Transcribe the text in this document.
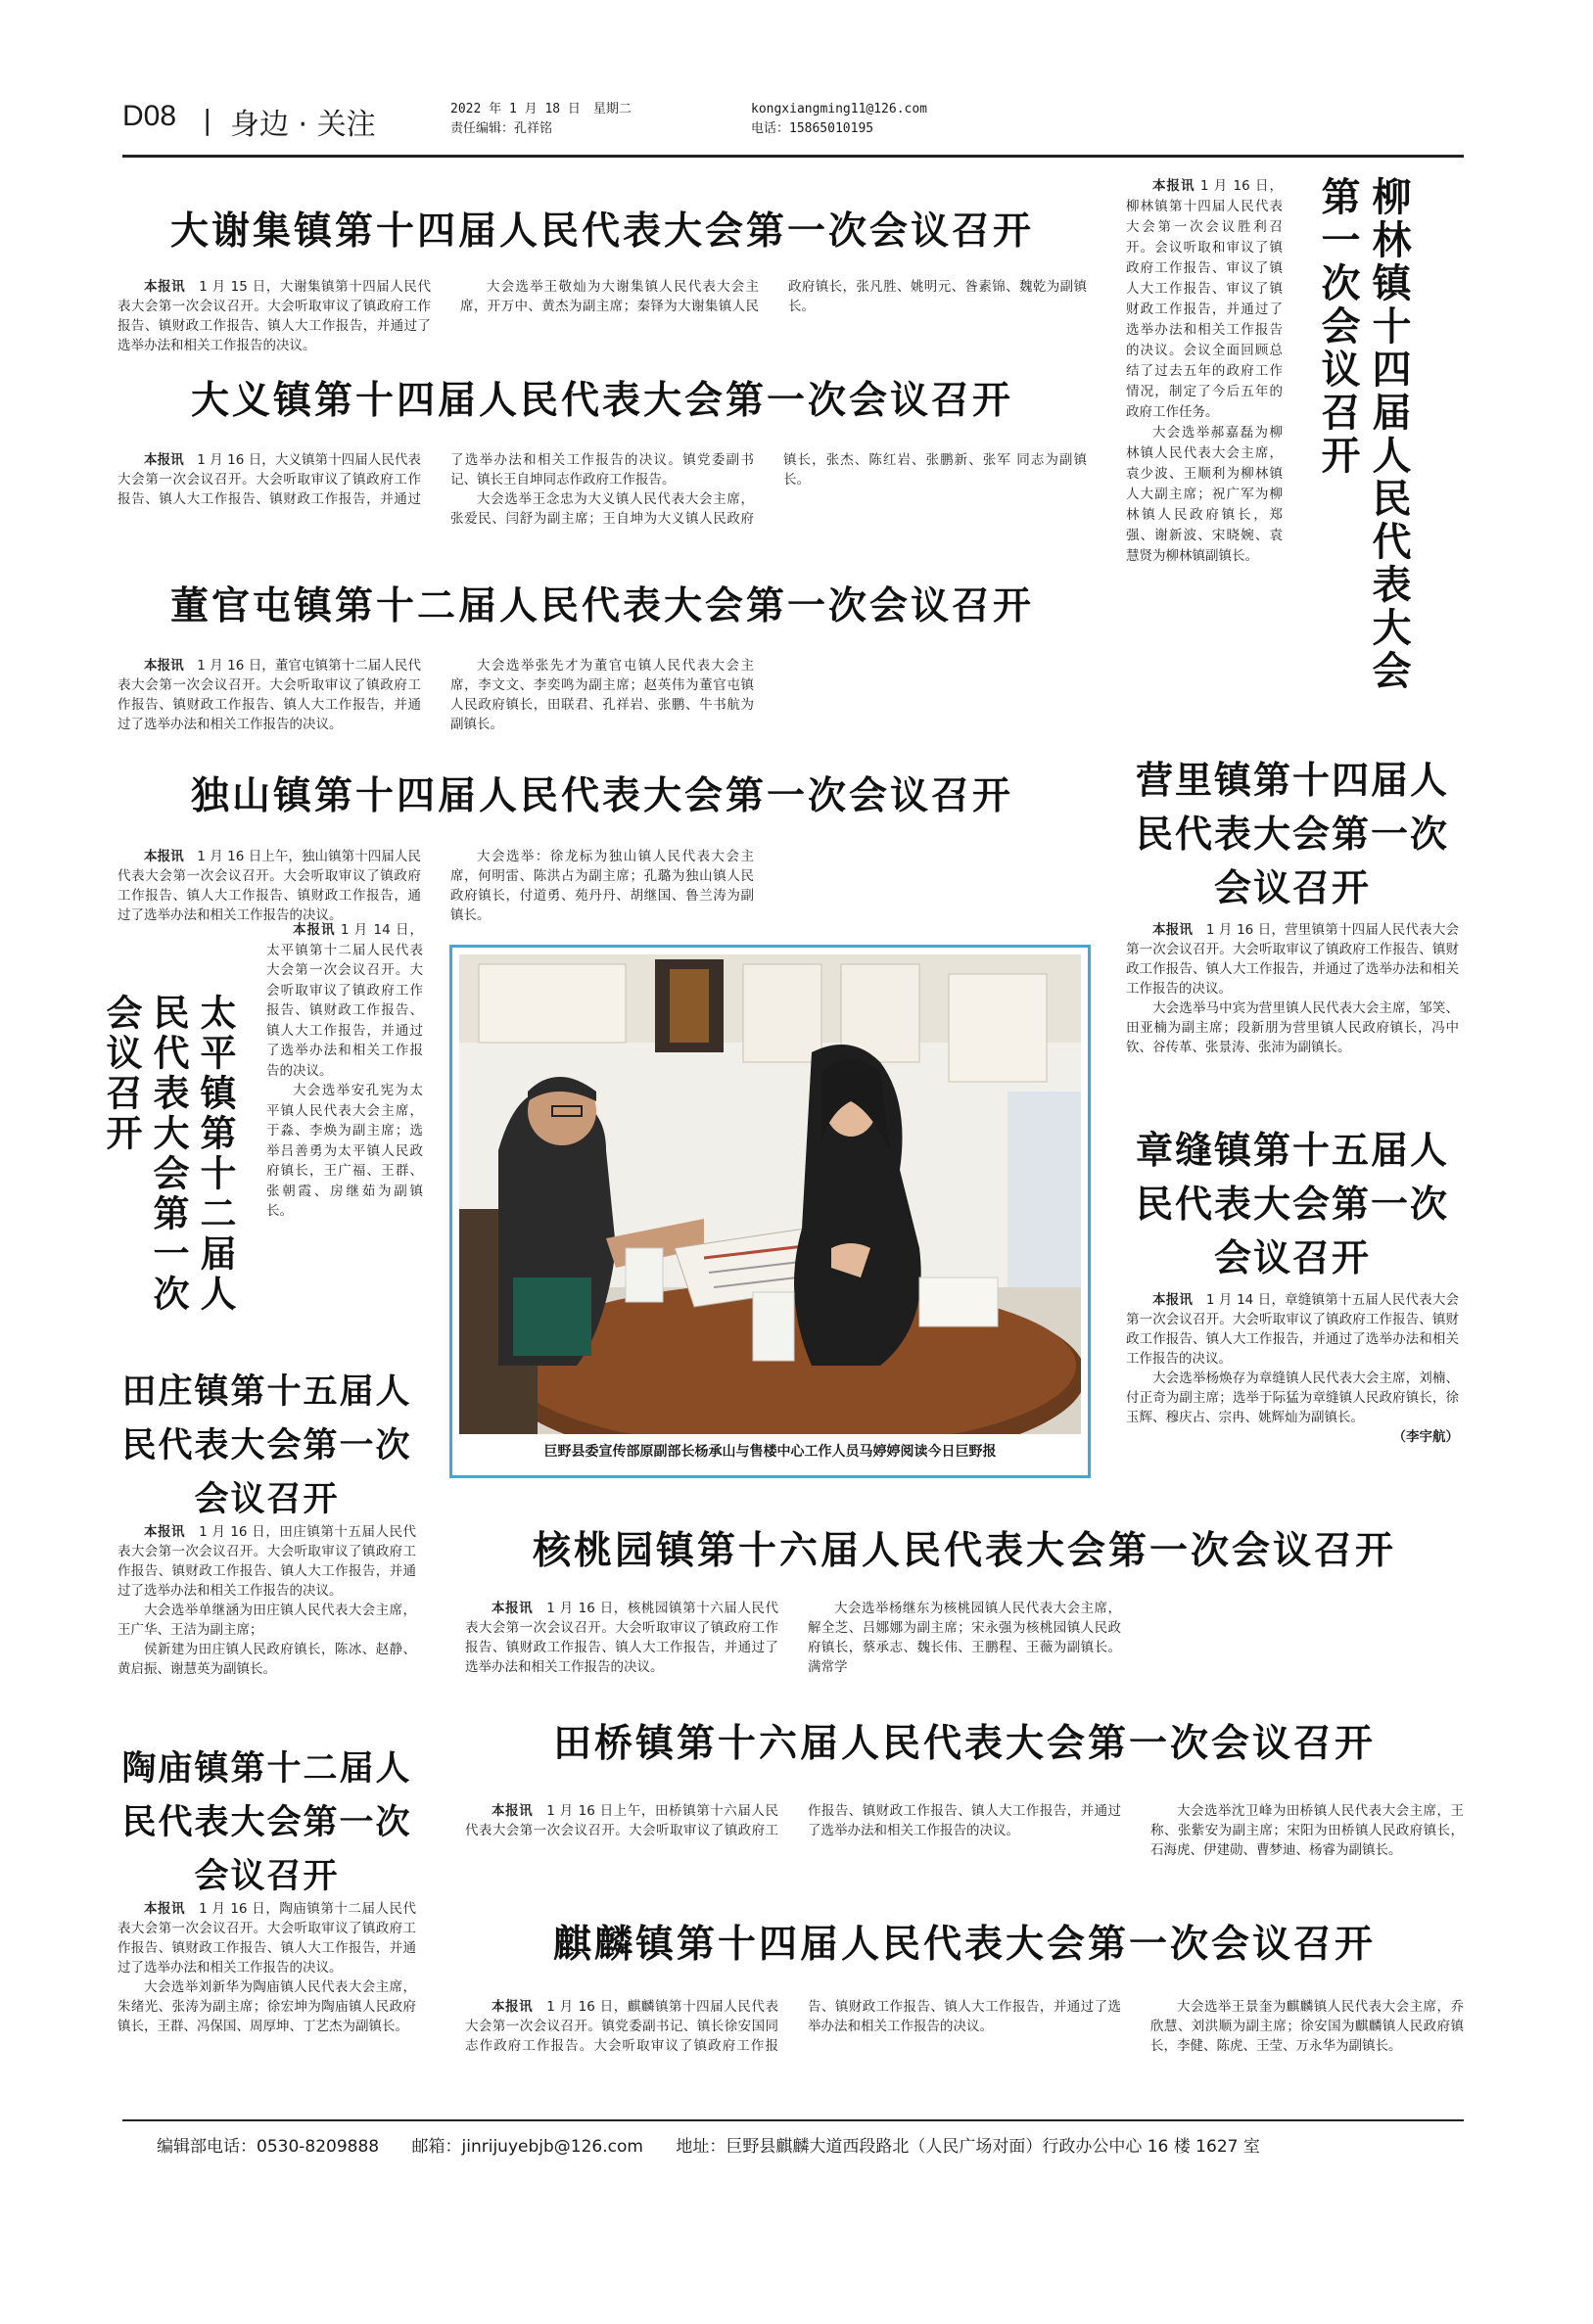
D08 | 身边 · 关注	2022 年 1 月 18 日　星期二
责任编辑：孔祥铭
kongxiangming11@126.com
电话：15865010195
大谢集镇第十四届人民代表大会第一次会议召开
本报讯　 1 月 15 日，大谢集镇第十四届人民代表大会第一次会议召开。大会听取审议了镇政府工作报告、镇财政工作报告、镇人大工作报告，并通过了选举办法和相关工作报告的决议。
大会选举王敬灿为大谢集镇人民代表大会主席，开万中、黄杰为副主席；秦铎为大谢集镇人民政府镇长，张凡胜、姚明元、昝素锦、魏乾为副镇长。
大义镇第十四届人民代表大会第一次会议召开
本报讯　 1 月 16 日，大义镇第十四届人民代表大会第一次会议召开。大会听取审议了镇政府工作报告、镇人大工作报告、镇财政工作报告，并通过了选举办法和相关工作报告的决议。镇党委副书记、镇长王自坤同志作政府工作报告。
大会选举王念忠为大义镇人民代表大会主席，张爱民、闫舒为副主席；王自坤为大义镇人民政府镇长，张杰、陈红岩、张鹏新、张军 同志为副镇长。
董官屯镇第十二届人民代表大会第一次会议召开
本报讯　 1 月 16 日，董官屯镇第十二届人民代表大会第一次会议召开。大会听取审议了镇政府工作报告、镇财政工作报告、镇人大工作报告，并通过了选举办法和相关工作报告的决议。
大会选举张先才为董官屯镇人民代表大会主席，李文文、李奕鸣为副主席；赵英伟为董官屯镇人民政府镇长，田联君、孔祥岩、张鹏、牛书航为副镇长。
本报讯 1 月 16 日，柳林镇第十四届人民代表大会第一次会议胜利召开。会议听取和审议了镇政府工作报告、审议了镇人大工作报告、审议了镇财政工作报告，并通过了选举办法和相关工作报告的决议。会议全面回顾总结了过去五年的政府工作情况，制定了今后五年的政府工作任务。
大会选举郝嘉磊为柳林镇人民代表大会主席，袁少波、王顺利为柳林镇人大副主席；祝广军为柳林镇人民政府镇长，郑强、谢新波、宋晓婉、袁慧贤为柳林镇副镇长。	柳林镇十四届人民代表大会第一次会议召开
独山镇第十四届人民代表大会第一次会议召开
本报讯　 1 月 16 日上午，独山镇第十四届人民代表大会第一次会议召开。大会听取审议了镇政府工作报告、镇人大工作报告、镇财政工作报告，通过了选举办法和相关工作报告的决议。
大会选举：徐龙标为独山镇人民代表大会主席，何明雷、陈洪占为副主席；孔璐为独山镇人民政府镇长，付道勇、苑丹丹、胡继国、鲁兰涛为副镇长。
营里镇第十四届人民代表大会第一次会议召开
本报讯　 1 月 16 日，营里镇第十四届人民代表大会第一次会议召开。大会听取审议了镇政府工作报告、镇财政工作报告、镇人大工作报告，并通过了选举办法和相关工作报告的决议。
大会选举马中宾为营里镇人民代表大会主席，邹笑、田亚楠为副主席；段新朋为营里镇人民政府镇长，冯中钦、谷传革、张景涛、张沛为副镇长。
太平镇第十二届人民代表大会第一次会议召开
本报讯 1 月 14 日，太平镇第十二届人民代表大会第一次会议召开。大会听取审议了镇政府工作报告、镇财政工作报告、镇人大工作报告，并通过了选举办法和相关工作报告的决议。
大会选举安孔宪为太平镇人民代表大会主席，于淼、李焕为副主席；选举吕善勇为太平镇人民政府镇长，王广福、王群、张朝霞、房继茹为副镇长。
巨野县委宣传部原副部长杨承山与售楼中心工作人员马婷婷阅读今日巨野报
章缝镇第十五届人民代表大会第一次会议召开
本报讯　 1 月 14 日，章缝镇第十五届人民代表大会第一次会议召开。大会听取审议了镇政府工作报告、镇财政工作报告、镇人大工作报告，并通过了选举办法和相关工作报告的决议。
大会选举杨焕存为章缝镇人民代表大会主席，刘楠、付正奇为副主席；选举于际猛为章缝镇人民政府镇长，徐玉辉、穆庆占、宗冉、姚辉灿为副镇长。
（李宇航）
田庄镇第十五届人民代表大会第一次会议召开
本报讯　 1 月 16 日，田庄镇第十五届人民代表大会第一次会议召开。大会听取审议了镇政府工作报告、镇财政工作报告、镇人大工作报告，并通过了选举办法和相关工作报告的决议。
大会选举单继涵为田庄镇人民代表大会主席，王广华、王洁为副主席；
侯新建为田庄镇人民政府镇长，陈冰、赵静、黄启振、谢慧英为副镇长。
陶庙镇第十二届人民代表大会第一次会议召开
本报讯　 1 月 16 日，陶庙镇第十二届人民代表大会第一次会议召开。大会听取审议了镇政府工作报告、镇财政工作报告、镇人大工作报告，并通过了选举办法和相关工作报告的决议。
大会选举刘新华为陶庙镇人民代表大会主席，朱绪光、张涛为副主席；徐宏坤为陶庙镇人民政府镇长，王群、冯保国、周厚坤、丁艺杰为副镇长。
核桃园镇第十六届人民代表大会第一次会议召开
本报讯　 1 月 16 日，核桃园镇第十六届人民代表大会第一次会议召开。大会听取审议了镇政府工作报告、镇财政工作报告、镇人大工作报告，并通过了选举办法和相关工作报告的决议。
大会选举杨继东为核桃园镇人民代表大会主席，解全芝、吕娜娜为副主席；宋永强为核桃园镇人民政府镇长，蔡承志、魏长伟、王鹏程、王薇为副镇长。满常学
田桥镇第十六届人民代表大会第一次会议召开
本报讯　 1 月 16 日上午，田桥镇第十六届人民代表大会第一次会议召开。大会听取审议了镇政府工作报告、镇财政工作报告、镇人大工作报告，并通过了选举办法和相关工作报告的决议。
大会选举沈卫峰为田桥镇人民代表大会主席，王称、张紫安为副主席；宋阳为田桥镇人民政府镇长，石海虎、伊建勋、曹梦迪、杨睿为副镇长。
麒麟镇第十四届人民代表大会第一次会议召开
本报讯　 1 月 16 日，麒麟镇第十四届人民代表大会第一次会议召开。镇党委副书记、镇长徐安国同志作政府工作报告。大会听取审议了镇政府工作报告、镇财政工作报告、镇人大工作报告，并通过了选举办法和相关工作报告的决议。
大会选举王景奎为麒麟镇人民代表大会主席，乔欣慧、刘洪顺为副主席；徐安国为麒麟镇人民政府镇长，李健、陈虎、王莹、万永华为副镇长。
编辑部电话：0530-8209888 邮箱：jinrijuyebjb@126.com 地址：巨野县麒麟大道西段路北（人民广场对面）行政办公中心 16 楼 1627 室
